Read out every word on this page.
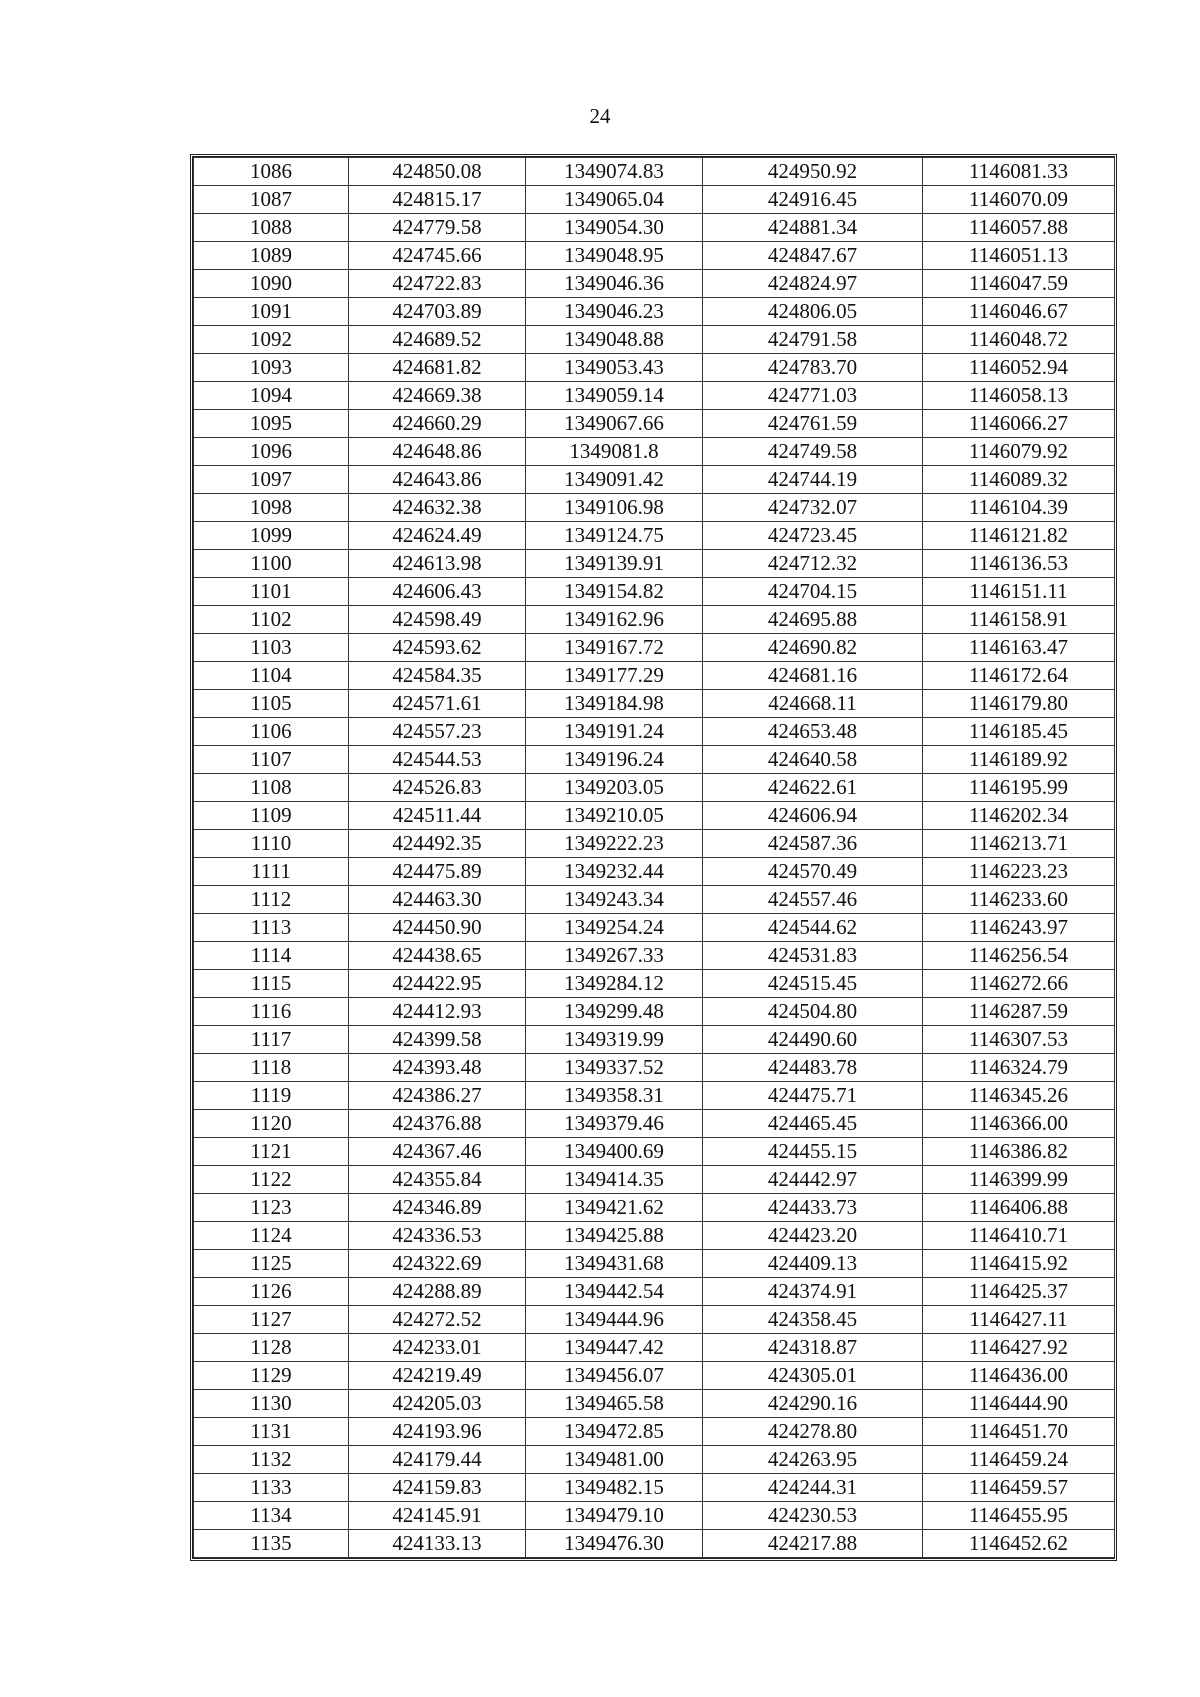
24
1086	424850.08	1349074.83	424950.92	1146081.33
1087	424815.17	1349065.04	424916.45	1146070.09
1088	424779.58	1349054.30	424881.34	1146057.88
1089	424745.66	1349048.95	424847.67	1146051.13
1090	424722.83	1349046.36	424824.97	1146047.59
1091	424703.89	1349046.23	424806.05	1146046.67
1092	424689.52	1349048.88	424791.58	1146048.72
1093	424681.82	1349053.43	424783.70	1146052.94
1094	424669.38	1349059.14	424771.03	1146058.13
1095	424660.29	1349067.66	424761.59	1146066.27
1096	424648.86	1349081.8	424749.58	1146079.92
1097	424643.86	1349091.42	424744.19	1146089.32
1098	424632.38	1349106.98	424732.07	1146104.39
1099	424624.49	1349124.75	424723.45	1146121.82
1100	424613.98	1349139.91	424712.32	1146136.53
1101	424606.43	1349154.82	424704.15	1146151.11
1102	424598.49	1349162.96	424695.88	1146158.91
1103	424593.62	1349167.72	424690.82	1146163.47
1104	424584.35	1349177.29	424681.16	1146172.64
1105	424571.61	1349184.98	424668.11	1146179.80
1106	424557.23	1349191.24	424653.48	1146185.45
1107	424544.53	1349196.24	424640.58	1146189.92
1108	424526.83	1349203.05	424622.61	1146195.99
1109	424511.44	1349210.05	424606.94	1146202.34
1110	424492.35	1349222.23	424587.36	1146213.71
1111	424475.89	1349232.44	424570.49	1146223.23
1112	424463.30	1349243.34	424557.46	1146233.60
1113	424450.90	1349254.24	424544.62	1146243.97
1114	424438.65	1349267.33	424531.83	1146256.54
1115	424422.95	1349284.12	424515.45	1146272.66
1116	424412.93	1349299.48	424504.80	1146287.59
1117	424399.58	1349319.99	424490.60	1146307.53
1118	424393.48	1349337.52	424483.78	1146324.79
1119	424386.27	1349358.31	424475.71	1146345.26
1120	424376.88	1349379.46	424465.45	1146366.00
1121	424367.46	1349400.69	424455.15	1146386.82
1122	424355.84	1349414.35	424442.97	1146399.99
1123	424346.89	1349421.62	424433.73	1146406.88
1124	424336.53	1349425.88	424423.20	1146410.71
1125	424322.69	1349431.68	424409.13	1146415.92
1126	424288.89	1349442.54	424374.91	1146425.37
1127	424272.52	1349444.96	424358.45	1146427.11
1128	424233.01	1349447.42	424318.87	1146427.92
1129	424219.49	1349456.07	424305.01	1146436.00
1130	424205.03	1349465.58	424290.16	1146444.90
1131	424193.96	1349472.85	424278.80	1146451.70
1132	424179.44	1349481.00	424263.95	1146459.24
1133	424159.83	1349482.15	424244.31	1146459.57
1134	424145.91	1349479.10	424230.53	1146455.95
1135	424133.13	1349476.30	424217.88	1146452.62
